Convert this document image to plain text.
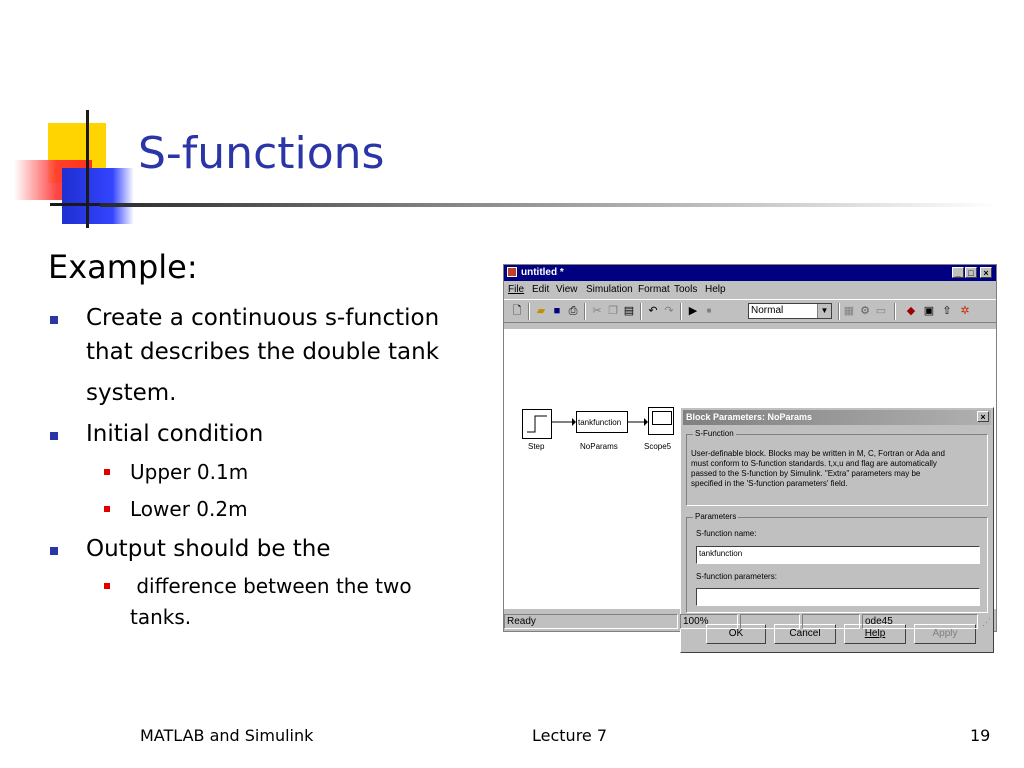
S-functions
Example:
Create a continuous s-function
that describes the double tank
system.
Initial condition
Upper 0.1m
Lower 0.2m
Output should be the
difference between the two
tanks.
untitled *	_ □	×
File Edit View Simulation Format Tools Help
🗋 ▰ ■ ⎙ ✂ ❐ ▤ ↶ ↷ ▶	■	Normal	▼ ▦ ⚙ ▭ ◆ ▣ ⇧ ✲
Step
tankfunction
NoParams	Scope5
Block Parameters: NoParams	×
S-Function
User-definable block. Blocks may be written in M, C, Fortran or Ada and
must conform to S-function standards. t,x,u and flag are automatically
passed to the S-function by Simulink. "Extra" parameters may be
specified in the 'S-function parameters' field.
Parameters
S-function name:
tankfunction
S-function parameters:
OK	Cancel	Help	Apply
Ready	100%	ode45	⋰
MATLAB and Simulink	Lecture 7	19
